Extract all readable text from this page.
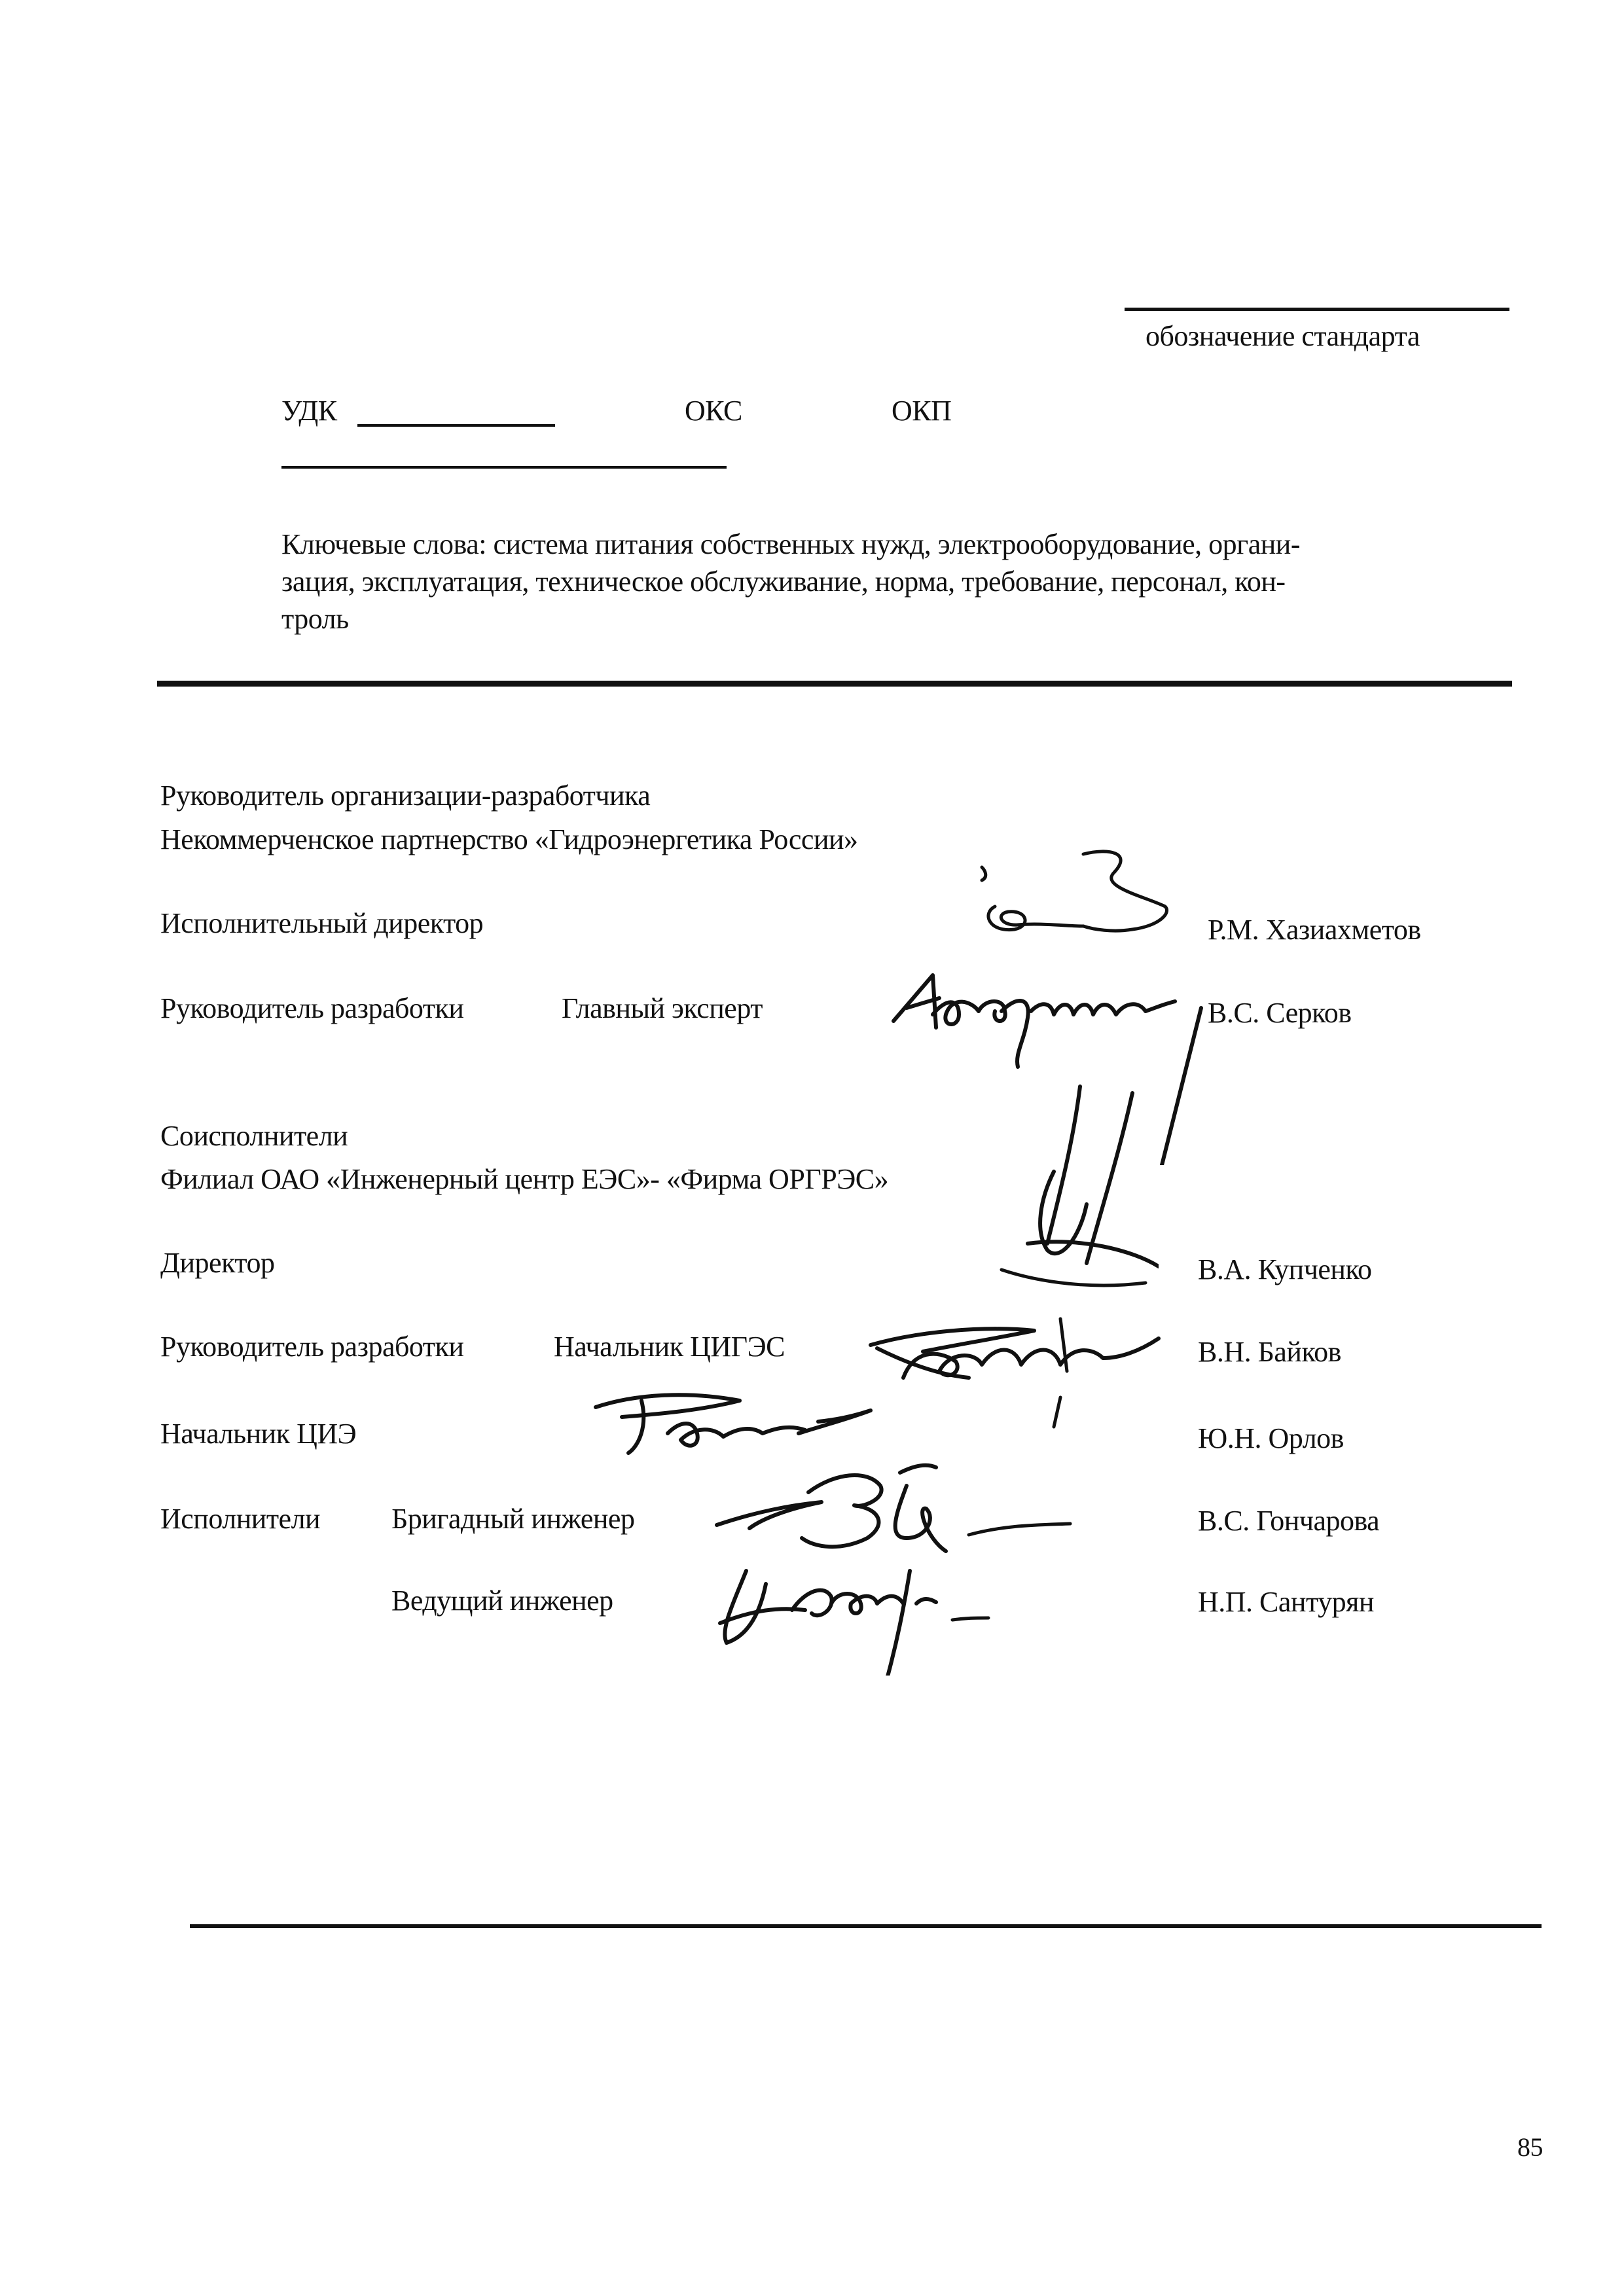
обозначение стандарта
УДК	ОКС	ОКП
Ключевые слова: система питания собственных нужд, электрооборудование, органи-
зация, эксплуатация, техническое обслуживание, норма, требование, персонал, кон-
троль
Руководитель организации-разработчика
Некоммерченское партнерство «Гидроэнергетика России»
Исполнительный директор	Р.М. Хазиахметов
Руководитель разработки	Главный эксперт	В.С. Серков
Соисполнители
Филиал ОАО «Инженерный центр ЕЭС»- «Фирма ОРГРЭС»
Директор	В.А. Купченко
Руководитель разработки	Начальник ЦИГЭС	В.Н. Байков
Начальник ЦИЭ	Ю.Н. Орлов
Исполнители Бригадный инженер	В.С. Гончарова
Ведущий инженер	Н.П. Сантурян
85
